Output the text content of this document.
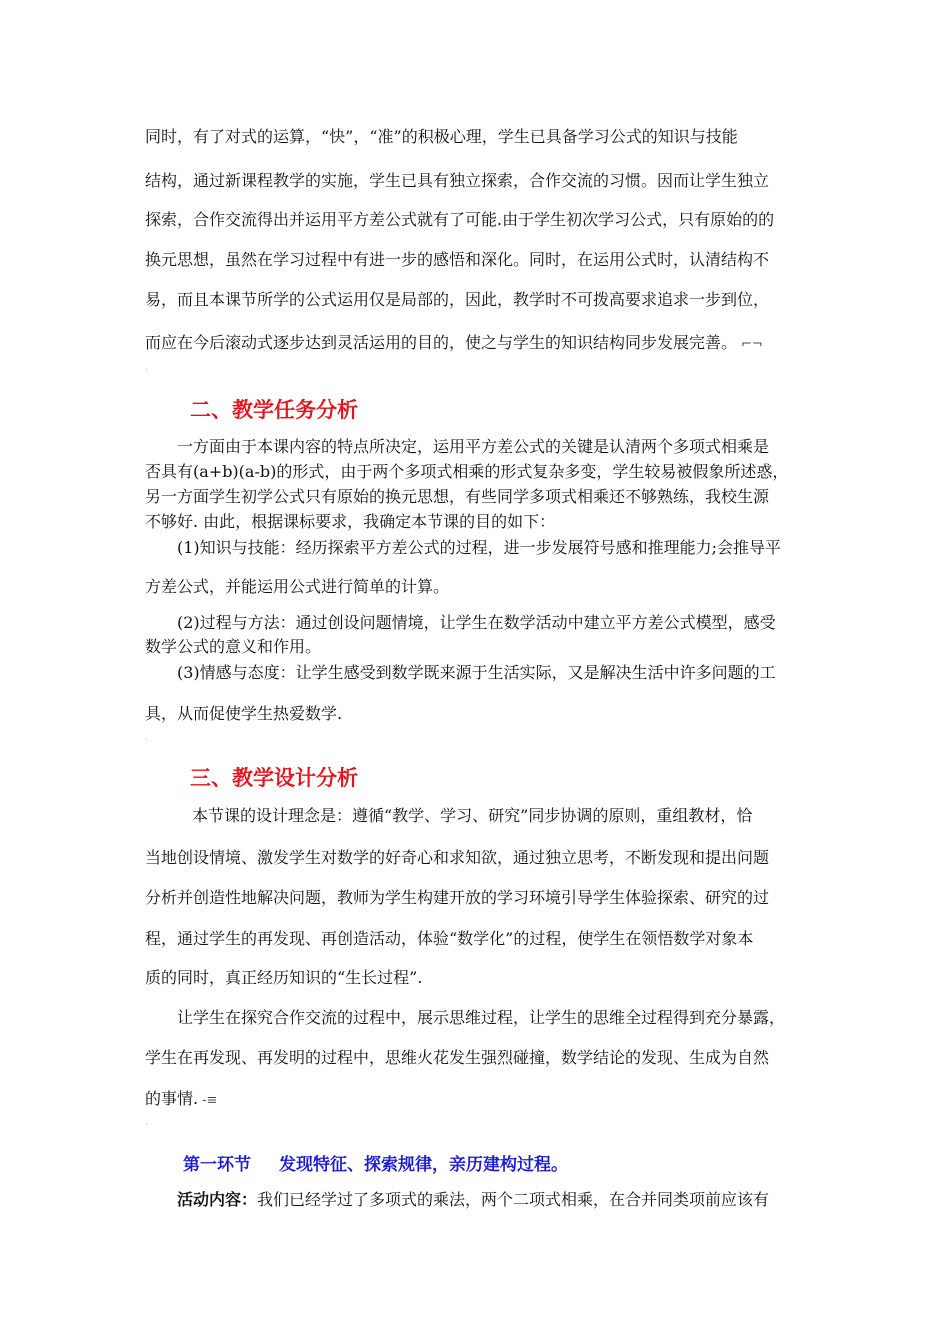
同时，有了对式的运算，“快”，“准”的积极心理，学生已具备学习公式的知识与技能
结构，通过新课程教学的实施，学生已具有独立探索，合作交流的习惯。因而让学生独立
探索，合作交流得出并运用平方差公式就有了可能.由于学生初次学习公式，只有原始的的
换元思想，虽然在学习过程中有进一步的感悟和深化。同时，在运用公式时，认清结构不
易，而且本课节所学的公式运用仅是局部的，因此，教学时不可拨高要求追求一步到位，
而应在今后滚动式逐步达到灵活运用的目的，使之与学生的知识结构同步发展完善。 ⌐¬
·
二、教学任务分析
一方面由于本课内容的特点所决定，运用平方差公式的关键是认清两个多项式相乘是
否具有(a+b)(a-b)的形式，由于两个多项式相乘的形式复杂多变，学生较易被假象所述惑，
另一方面学生初学公式只有原始的换元思想，有些同学多项式相乘还不够熟练，我校生源
不够好. 由此，根据课标要求，我确定本节课的目的如下：
(1)知识与技能：经历探索平方差公式的过程，进一步发展符号感和推理能力;会推导平
方差公式，并能运用公式进行简单的计算。
(2)过程与方法：通过创设问题情境，让学生在数学活动中建立平方差公式模型，感受
数学公式的意义和作用。
(3)情感与态度：让学生感受到数学既来源于生活实际，又是解决生活中许多问题的工
具，从而促使学生热爱数学.
·
三、教学设计分析
本节课的设计理念是：遵循“教学、学习、研究”同步协调的原则，重组教材，恰
当地创设情境、激发学生对数学的好奇心和求知欲，通过独立思考，不断发现和提出问题
分析并创造性地解决问题，教师为学生构建开放的学习环境引导学生体验探索、研究的过
程，通过学生的再发现、再创造活动，体验“数学化”的过程，使学生在领悟数学对象本
质的同时，真正经历知识的“生长过程”.
让学生在探究合作交流的过程中，展示思维过程，让学生的思维全过程得到充分暴露，
学生在再发现、再发明的过程中，思维火花发生强烈碰撞，数学结论的发现、生成为自然
的事情. -≡
·
第一环节 发现特征、探索规律，亲历建构过程。
活动内容：我们已经学过了多项式的乘法，两个二项式相乘，在合并同类项前应该有
